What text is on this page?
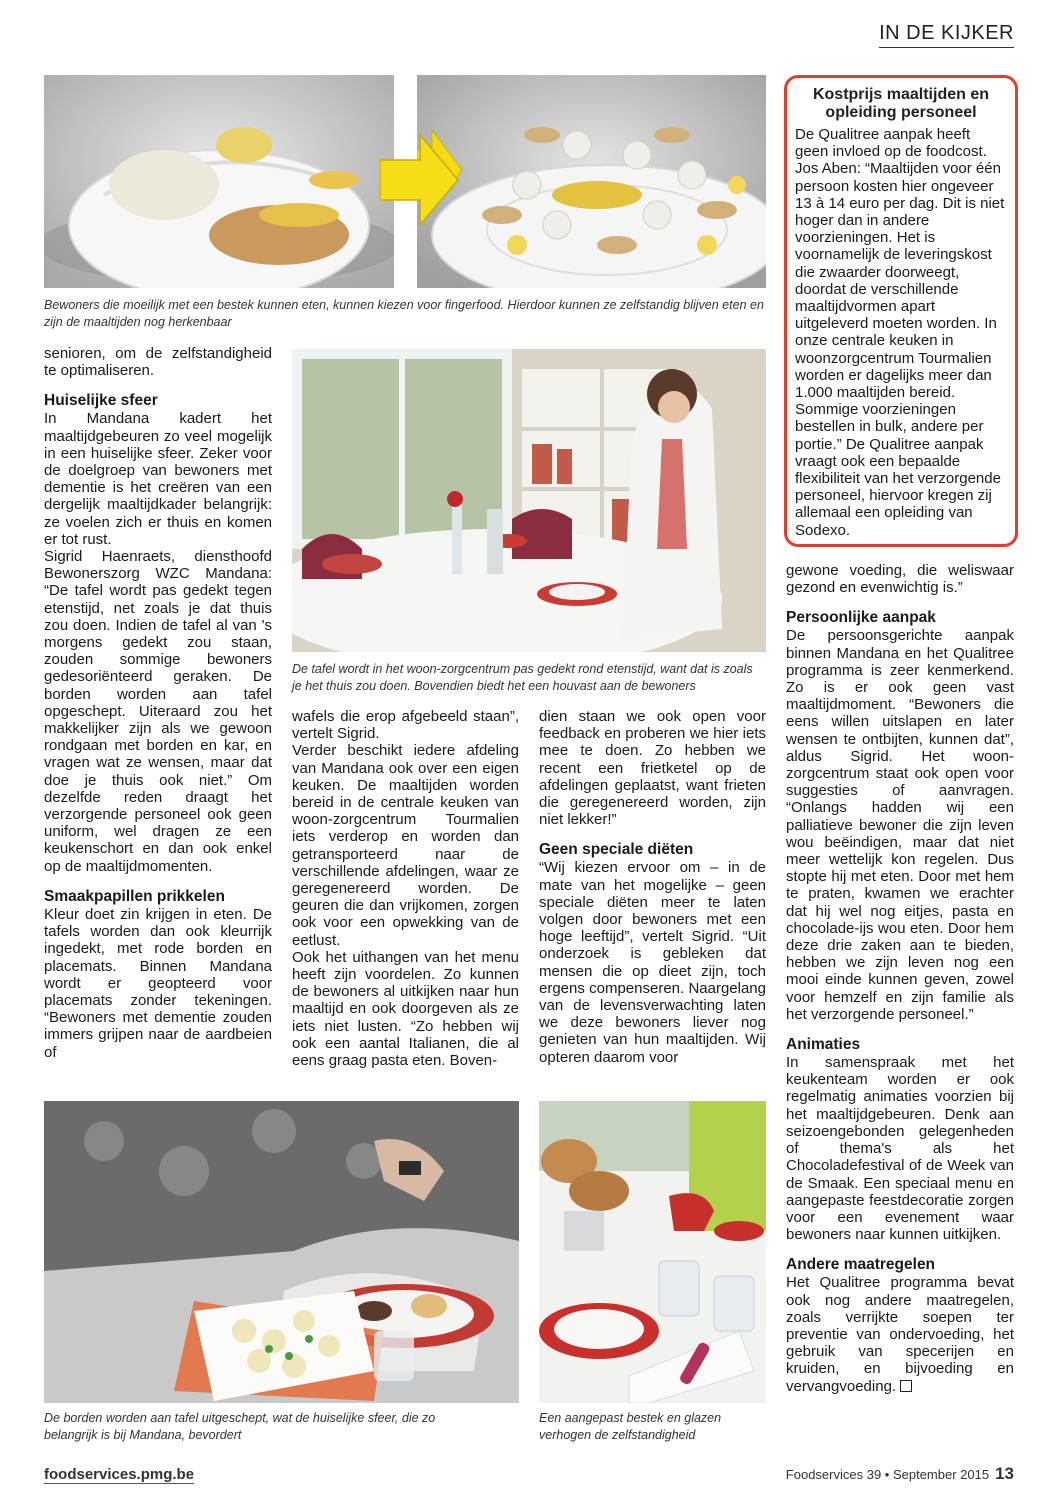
IN DE KIJKER
Bewoners die moeilijk met een bestek kunnen eten, kunnen kiezen voor fingerfood. Hierdoor kunnen ze zelfstandig blijven eten en zijn de maaltijden nog herkenbaar
De tafel wordt in het woon-zorgcentrum pas gedekt rond etenstijd, want dat is zoals je het thuis zou doen. Bovendien biedt het een houvast aan de bewoners

senioren, om de zelfstandigheid te optimaliseren.

Huiselijke sfeer

In Mandana kadert het maaltijdgebeuren zo veel mogelijk in een huiselijke sfeer. Zeker voor de doelgroep van bewoners met dementie is het creëren van een dergelijk maaltijdkader belangrijk: ze voelen zich er thuis en komen er tot rust.

Sigrid Haenraets, diensthoofd Bewonerszorg WZC Mandana: “De tafel wordt pas gedekt tegen etenstijd, net zoals je dat thuis zou doen. Indien de tafel al van 's morgens gedekt zou staan, zouden sommige bewoners gedesoriënteerd geraken. De borden worden aan tafel opgeschept. Uiteraard zou het makkelijker zijn als we gewoon rondgaan met borden en kar, en vragen wat ze wensen, maar dat doe je thuis ook niet.” Om dezelfde reden draagt het verzorgende personeel ook geen uniform, wel dragen ze een keukenschort en dan ook enkel op de maaltijdmomenten.

Smaakpapillen prikkelen

Kleur doet zin krijgen in eten. De tafels worden dan ook kleurrijk ingedekt, met rode borden en placemats. Binnen Mandana wordt er geopteerd voor placemats zonder tekeningen. “Bewoners met dementie zouden immers grijpen naar de aardbeien of

wafels die erop afgebeeld staan”, vertelt Sigrid.

Verder beschikt iedere afdeling van Mandana ook over een eigen keuken. De maaltijden worden bereid in de centrale keuken van woon-zorgcentrum Tourmalien iets verderop en worden dan getransporteerd naar de verschillende afdelingen, waar ze geregenereerd worden. De geuren die dan vrijkomen, zorgen ook voor een opwekking van de eetlust.

Ook het uithangen van het menu heeft zijn voordelen. Zo kunnen de bewoners al uitkijken naar hun maaltijd en ook doorgeven als ze iets niet lusten. “Zo hebben wij ook een aantal Italianen, die al eens graag pasta eten. Boven-

dien staan we ook open voor feedback en proberen we hier iets mee te doen. Zo hebben we recent een frietketel op de afdelingen geplaatst, want frieten die geregenereerd worden, zijn niet lekker!”

Geen speciale diëten

“Wij kiezen ervoor om – in de mate van het mogelijke – geen speciale diëten meer te laten volgen door bewoners met een hoge leeftijd”, vertelt Sigrid. “Uit onderzoek is gebleken dat mensen die op dieet zijn, toch ergens compenseren. Naargelang van de levensverwachting laten we deze bewoners liever nog genieten van hun maaltijden. Wij opteren daarom voor

Kostprijs maaltijden en opleiding personeel

De Qualitree aanpak heeft geen invloed op de foodcost. Jos Aben: “Maaltijden voor één persoon kosten hier ongeveer 13 à 14 euro per dag. Dit is niet hoger dan in andere voorzieningen. Het is voornamelijk de leveringskost die zwaarder doorweegt, doordat de verschillende maaltijdvormen apart uitgeleverd moeten worden. In onze centrale keuken in woonzorgcentrum Tourmalien worden er dagelijks meer dan 1.000 maaltijden bereid. Sommige voorzieningen bestellen in bulk, andere per portie.” De Qualitree aanpak vraagt ook een bepaalde flexibiliteit van het verzorgende personeel, hiervoor kregen zij allemaal een opleiding van Sodexo.

gewone voeding, die weliswaar gezond en evenwichtig is.”

Persoonlijke aanpak

De persoonsgerichte aanpak binnen Mandana en het Qualitree programma is zeer kenmerkend. Zo is er ook geen vast maaltijdmoment. “Bewoners die eens willen uitslapen en later wensen te ontbijten, kunnen dat”, aldus Sigrid. Het woon-zorgcentrum staat ook open voor suggesties of aanvragen. “Onlangs hadden wij een palliatieve bewoner die zijn leven wou beëindigen, maar dat niet meer wettelijk kon regelen. Dus stopte hij met eten. Door met hem te praten, kwamen we erachter dat hij wel nog eitjes, pasta en chocolade-ijs wou eten. Door hem deze drie zaken aan te bieden, hebben we zijn leven nog een mooi einde kunnen geven, zowel voor hemzelf en zijn familie als het verzorgende personeel.”

Animaties

In samenspraak met het keukenteam worden er ook regelmatig animaties voorzien bij het maaltijdgebeuren. Denk aan seizoengebonden gelegenheden of thema's als het Chocoladefestival of de Week van de Smaak. Een speciaal menu en aangepaste feestdecoratie zorgen voor een evenement waar bewoners naar kunnen uitkijken.

Andere maatregelen

Het Qualitree programma bevat ook nog andere maatregelen, zoals verrijkte soepen ter preventie van ondervoeding, het gebruik van specerijen en kruiden, en bijvoeding en vervangvoeding.

De borden worden aan tafel uitgeschept, wat de huiselijke sfeer, die zo belangrijk is bij Mandana, bevordert
Een aangepast bestek en glazen verhogen de zelfstandigheid
foodservices.pmg.be	Foodservices 39 • September 2015 13
